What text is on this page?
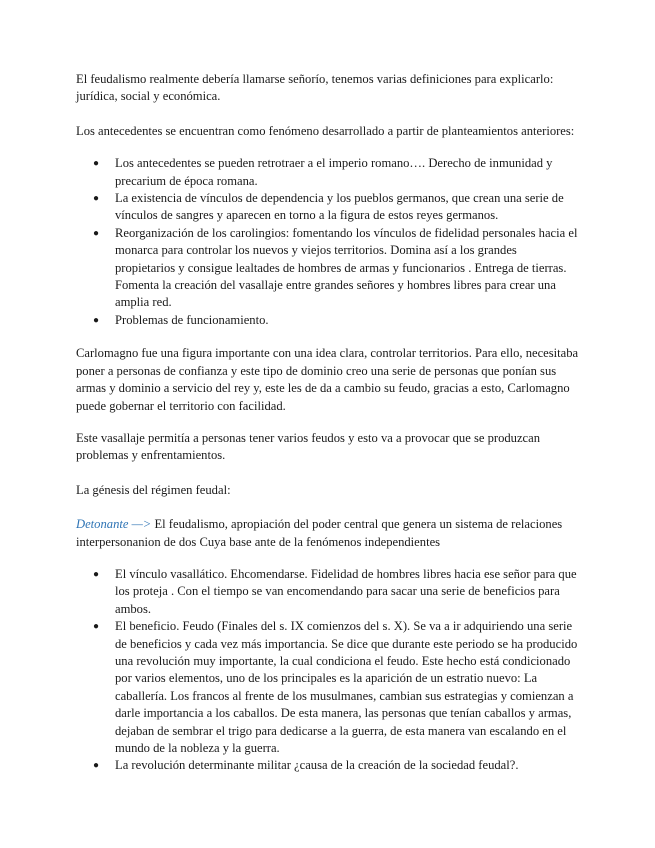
El feudalismo realmente debería llamarse señorío, tenemos varias definiciones para explicarlo: jurídica, social y económica.

Los antecedentes se encuentran como fenómeno desarrollado a partir de planteamientos anteriores:

● Los antecedentes se pueden retrotraer a el imperio romano…. Derecho de inmunidad y precarium de época romana.
● La existencia de vínculos de dependencia y los pueblos germanos, que crean una serie de vínculos de sangres y aparecen en torno a la figura de estos reyes germanos.
● Reorganización de los carolingios: fomentando los vínculos de fidelidad personales hacia el monarca para controlar los nuevos y viejos territorios. Domina así a los grandes propietarios y consigue lealtades de hombres de armas y funcionarios . Entrega de tierras. Fomenta la creación del vasallaje entre grandes señores y hombres libres para crear una amplia red.
● Problemas de funcionamiento.

Carlomagno fue una figura importante con una idea clara, controlar territorios. Para ello, necesitaba poner a personas de confianza y este tipo de dominio creo una serie de personas que ponían sus armas y dominio a servicio del rey y, este les de da a cambio su feudo, gracias a esto, Carlomagno puede gobernar el territorio con facilidad.

Este vasallaje permitía a personas tener varios feudos y esto va a provocar que se produzcan problemas y enfrentamientos.

La génesis del régimen feudal:

Detonante —> El feudalismo, apropiación del poder central que genera un sistema de relaciones interpersonanion de dos Cuya base ante de la fenómenos independientes

● El vínculo vasallático. Ehcomendarse. Fidelidad de hombres libres hacia ese señor para que los proteja . Con el tiempo se van encomendando para sacar una serie de beneficios para ambos.
● El beneficio. Feudo (Finales del s. IX comienzos del s. X). Se va a ir adquiriendo una serie de beneficios y cada vez más importancia. Se dice que durante este periodo se ha producido una revolución muy importante, la cual condiciona el feudo. Este hecho está condicionado por varios elementos, uno de los principales es la aparición de un estratio nuevo: La caballería. Los francos al frente de los musulmanes, cambian sus estrategias y comienzan a darle importancia a los caballos. De esta manera, las personas que tenían caballos y armas, dejaban de sembrar el trigo para dedicarse a la guerra, de esta manera van escalando en el mundo de la nobleza y la guerra.
● La revolución determinante militar ¿causa de la creación de la sociedad feudal?.
